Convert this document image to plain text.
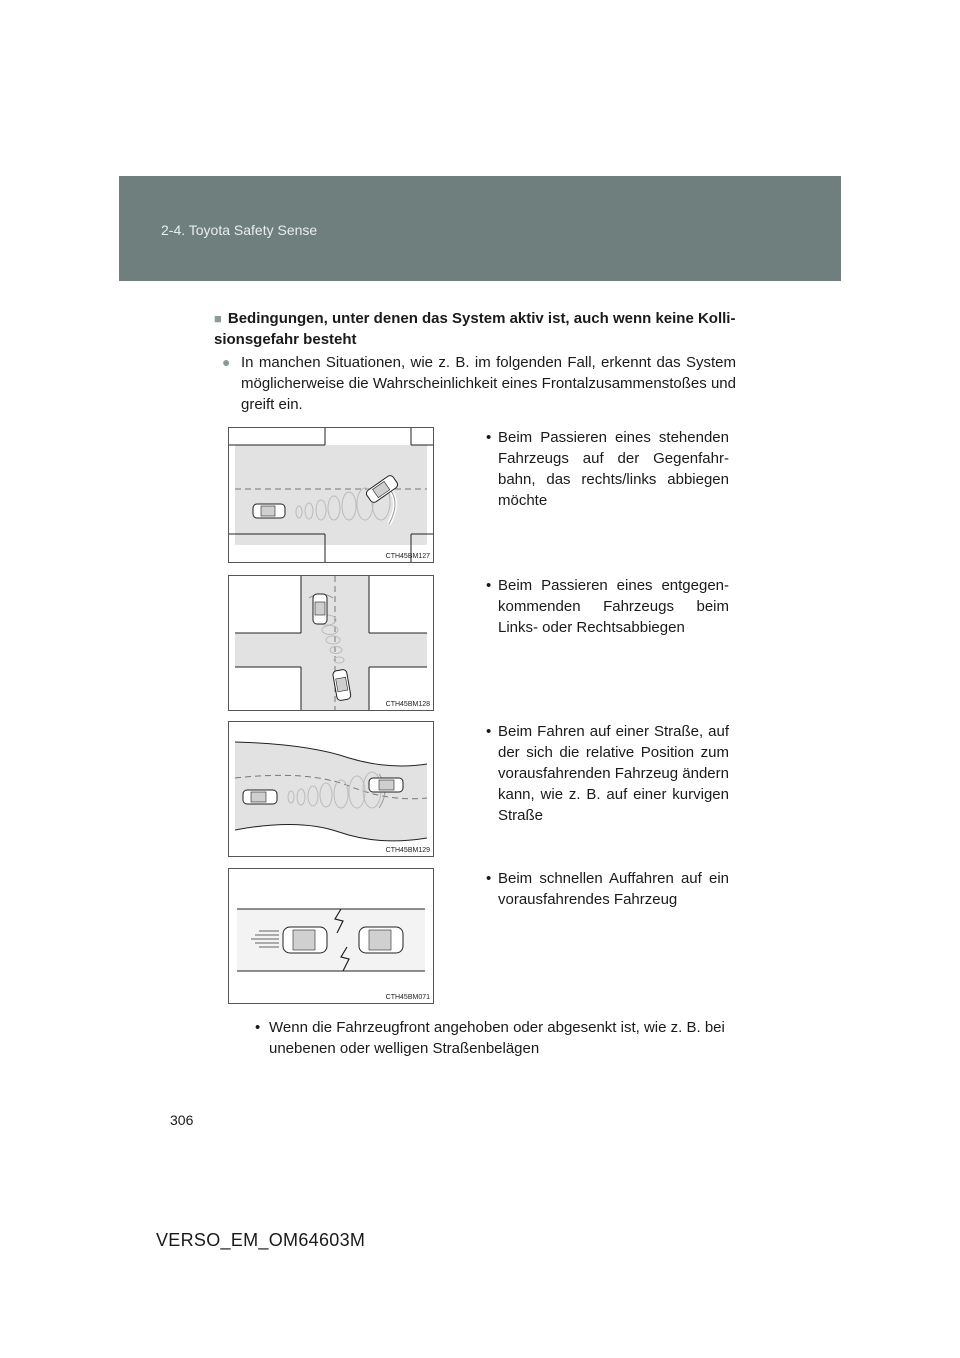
2-4. Toyota Safety Sense
■ Bedingungen, unter denen das System aktiv ist, auch wenn keine Kolli-sionsgefahr besteht
● In manchen Situationen, wie z. B. im folgenden Fall, erkennt das System möglicherweise die Wahrscheinlichkeit eines Frontalzusammenstoßes und greift ein.
CTH45BM127
• Beim Passieren eines stehenden Fahrzeugs auf der Gegenfahr-bahn, das rechts/links abbiegen möchte
CTH45BM128
• Beim Passieren eines entgegen-kommenden Fahrzeugs beim Links- oder Rechtsabbiegen
CTH45BM129
• Beim Fahren auf einer Straße, auf der sich die relative Position zum vorausfahrenden Fahrzeug ändern kann, wie z. B. auf einer kurvigen Straße
CTH45BM071
• Beim schnellen Auffahren auf ein vorausfahrendes Fahrzeug
• Wenn die Fahrzeugfront angehoben oder abgesenkt ist, wie z. B. bei unebenen oder welligen Straßenbelägen
306
VERSO_EM_OM64603M
